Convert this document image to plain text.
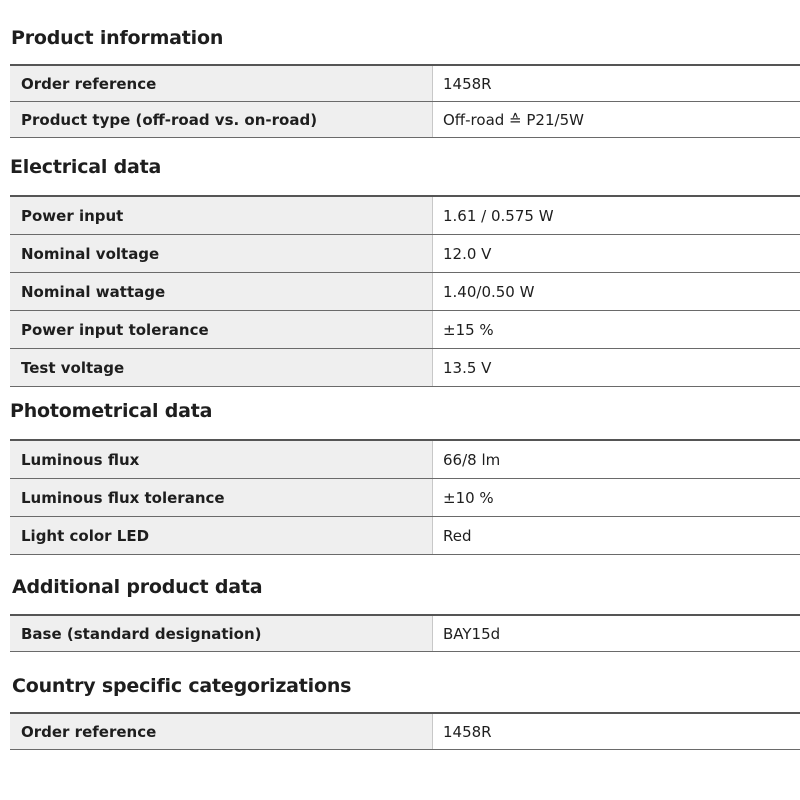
Product information
Order reference	1458R
Product type (off-road vs. on-road)	Off-road ≙ P21/5W
Electrical data
Power input	1.61 / 0.575 W
Nominal voltage	12.0 V
Nominal wattage	1.40/0.50 W
Power input tolerance	±15 %
Test voltage	13.5 V
Photometrical data
Luminous flux	66/8 lm
Luminous flux tolerance	±10 %
Light color LED	Red
Additional product data
Base (standard designation)	BAY15d
Country specific categorizations
Order reference	1458R
